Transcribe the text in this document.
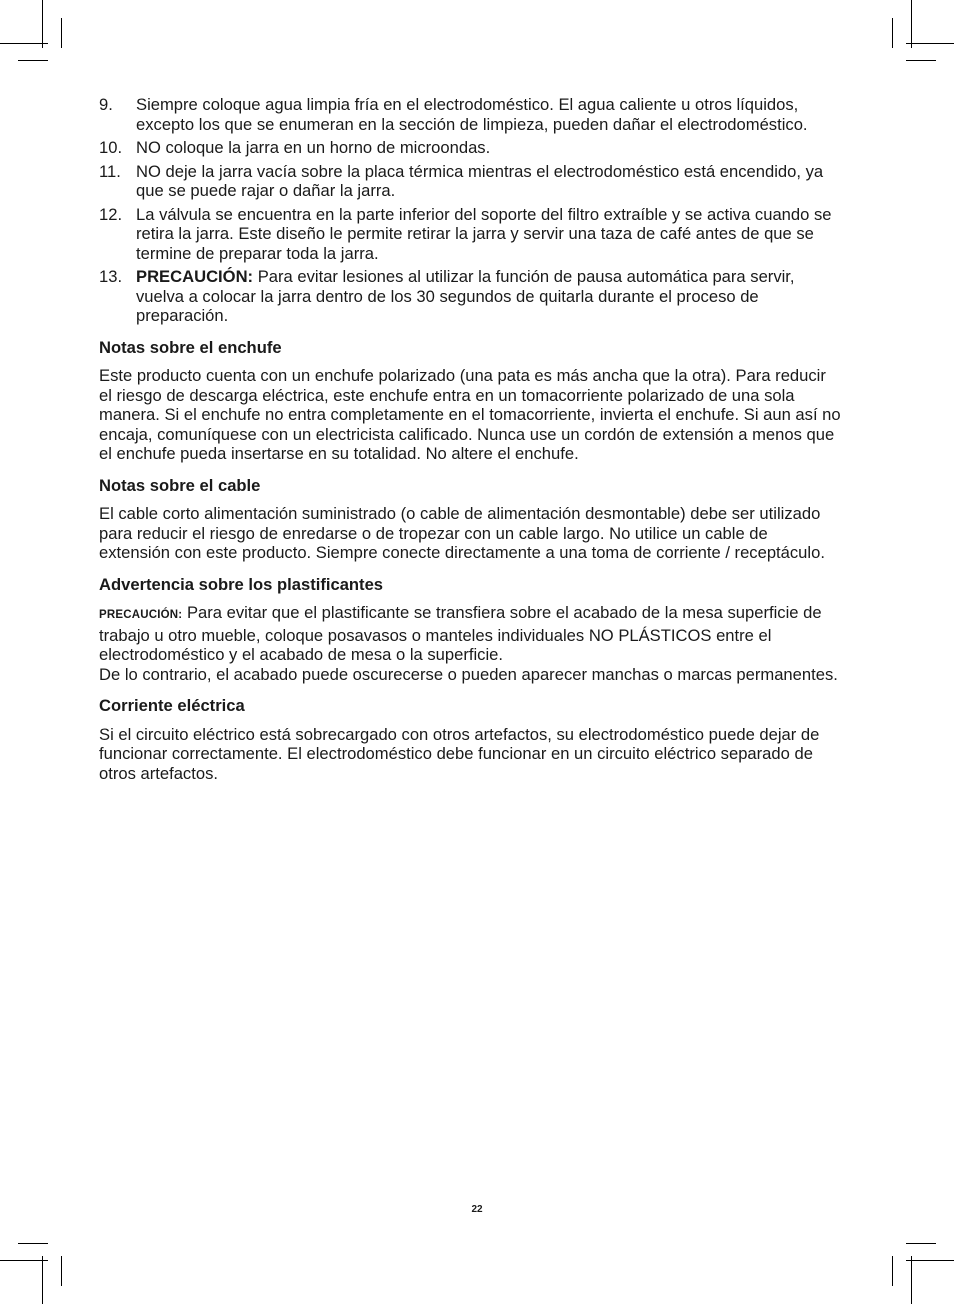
9. Siempre coloque agua limpia fría en el electrodoméstico. El agua caliente u otros líquidos, excepto los que se enumeran en la sección de limpieza, pueden dañar el electrodoméstico.
10. NO coloque la jarra en un horno de microondas.
11. NO deje la jarra vacía sobre la placa térmica mientras el electrodoméstico está encendido, ya que se puede rajar o dañar la jarra.
12. La válvula se encuentra en la parte inferior del soporte del filtro extraíble y se activa cuando se retira la jarra. Este diseño le permite retirar la jarra y servir una taza de café antes de que se termine de preparar toda la jarra.
13. PRECAUCIÓN: Para evitar lesiones al utilizar la función de pausa automática para servir, vuelva a colocar la jarra dentro de los 30 segundos de quitarla durante el proceso de preparación.
Notas sobre el enchufe

Este producto cuenta con un enchufe polarizado (una pata es más ancha que la otra). Para reducir el riesgo de descarga eléctrica, este enchufe entra en un tomacorriente polarizado de una sola manera. Si el enchufe no entra completamente en el tomacorriente, invierta el enchufe. Si aun así no encaja, comuníquese con un electricista calificado. Nunca use un cordón de extensión a menos que el enchufe pueda insertarse en su totalidad. No altere el enchufe.

Notas sobre el cable

El cable corto alimentación suministrado (o cable de alimentación desmontable) debe ser utilizado para reducir el riesgo de enredarse o de tropezar con un cable largo. No utilice un cable de extensión con este producto. Siempre conecte directamente a una toma de corriente / receptáculo.

Advertencia sobre los plastificantes

PRECAUCIÓN: Para evitar que el plastificante se transfiera sobre el acabado de la mesa superficie de trabajo u otro mueble, coloque posavasos o manteles individuales NO PLÁSTICOS entre el electrodoméstico y el acabado de mesa o la superficie.

De lo contrario, el acabado puede oscurecerse o pueden aparecer manchas o marcas permanentes.

Corriente eléctrica

Si el circuito eléctrico está sobrecargado con otros artefactos, su electrodoméstico puede dejar de funcionar correctamente. El electrodoméstico debe funcionar en un circuito eléctrico separado de otros artefactos.

22
